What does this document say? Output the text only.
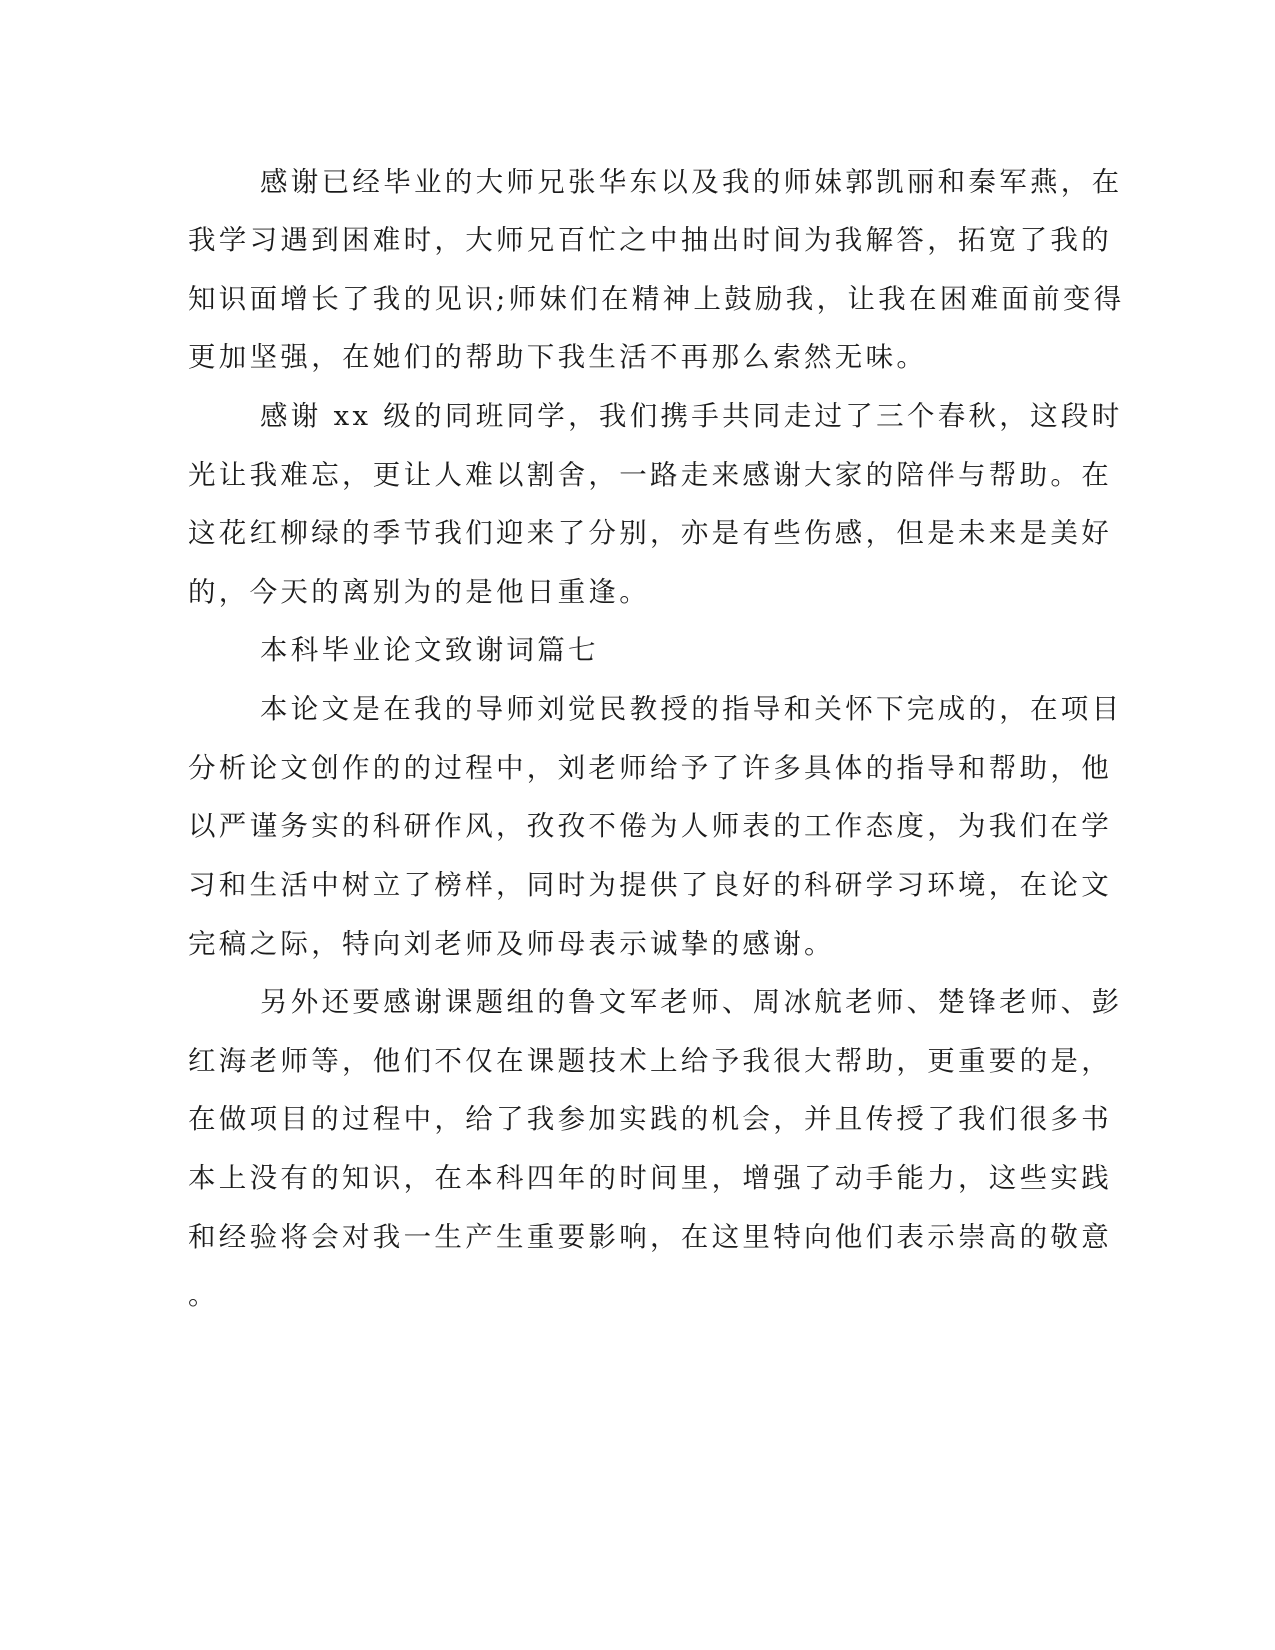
感谢已经毕业的大师兄张华东以及我的师妹郭凯丽和秦军燕，在
我学习遇到困难时，大师兄百忙之中抽出时间为我解答，拓宽了我的
知识面增长了我的见识;师妹们在精神上鼓励我，让我在困难面前变得
更加坚强，在她们的帮助下我生活不再那么索然无味。
感谢 xx 级的同班同学，我们携手共同走过了三个春秋，这段时
光让我难忘，更让人难以割舍，一路走来感谢大家的陪伴与帮助。在
这花红柳绿的季节我们迎来了分别，亦是有些伤感，但是未来是美好
的，今天的离别为的是他日重逢。
本科毕业论文致谢词篇七
本论文是在我的导师刘觉民教授的指导和关怀下完成的，在项目
分析论文创作的的过程中，刘老师给予了许多具体的指导和帮助，他
以严谨务实的科研作风，孜孜不倦为人师表的工作态度，为我们在学
习和生活中树立了榜样，同时为提供了良好的科研学习环境，在论文
完稿之际，特向刘老师及师母表示诚挚的感谢。
另外还要感谢课题组的鲁文军老师、周冰航老师、楚锋老师、彭
红海老师等，他们不仅在课题技术上给予我很大帮助，更重要的是，
在做项目的过程中，给了我参加实践的机会，并且传授了我们很多书
本上没有的知识，在本科四年的时间里，增强了动手能力，这些实践
和经验将会对我一生产生重要影响，在这里特向他们表示崇高的敬意
。
